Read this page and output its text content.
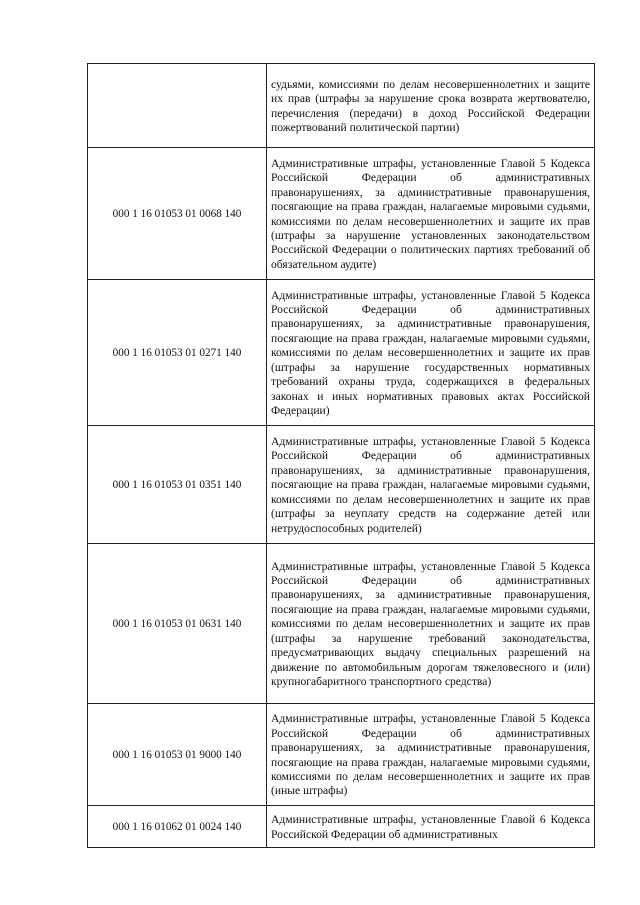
	судьями, комиссиями по делам несовершеннолетних и защите их прав (штрафы за нарушение срока возврата жертвователю, перечисления (передачи) в доход Российской Федерации пожертвований политической партии)
000 1 16 01053 01 0068 140	Административные штрафы, установленные Главой 5 Кодекса Российской Федерации об административных правонарушениях, за административные правонарушения, посягающие на права граждан, налагаемые мировыми судьями, комиссиями по делам несовершеннолетних и защите их прав (штрафы за нарушение установленных законодательством Российской Федерации о политических партиях требований об обязательном аудите)
000 1 16 01053 01 0271 140	Административные штрафы, установленные Главой 5 Кодекса Российской Федерации об административных правонарушениях, за административные правонарушения, посягающие на права граждан, налагаемые мировыми судьями, комиссиями по делам несовершеннолетних и защите их прав (штрафы за нарушение государственных нормативных требований охраны труда, содержащихся в федеральных законах и иных нормативных правовых актах Российской Федерации)
000 1 16 01053 01 0351 140	Административные штрафы, установленные Главой 5 Кодекса Российской Федерации об административных правонарушениях, за административные правонарушения, посягающие на права граждан, налагаемые мировыми судьями, комиссиями по делам несовершеннолетних и защите их прав (штрафы за неуплату средств на содержание детей или нетрудоспособных родителей)
000 1 16 01053 01 0631 140	Административные штрафы, установленные Главой 5 Кодекса Российской Федерации об административных правонарушениях, за административные правонарушения, посягающие на права граждан, налагаемые мировыми судьями, комиссиями по делам несовершеннолетних и защите их прав (штрафы за нарушение требований законодательства, предусматривающих выдачу специальных разрешений на движение по автомобильным дорогам тяжеловесного и (или) крупногабаритного транспортного средства)
000 1 16 01053 01 9000 140	Административные штрафы, установленные Главой 5 Кодекса Российской Федерации об административных правонарушениях, за административные правонарушения, посягающие на права граждан, налагаемые мировыми судьями, комиссиями по делам несовершеннолетних и защите их прав (иные штрафы)
000 1 16 01062 01 0024 140	Административные штрафы, установленные Главой 6 Кодекса Российской Федерации об административных
